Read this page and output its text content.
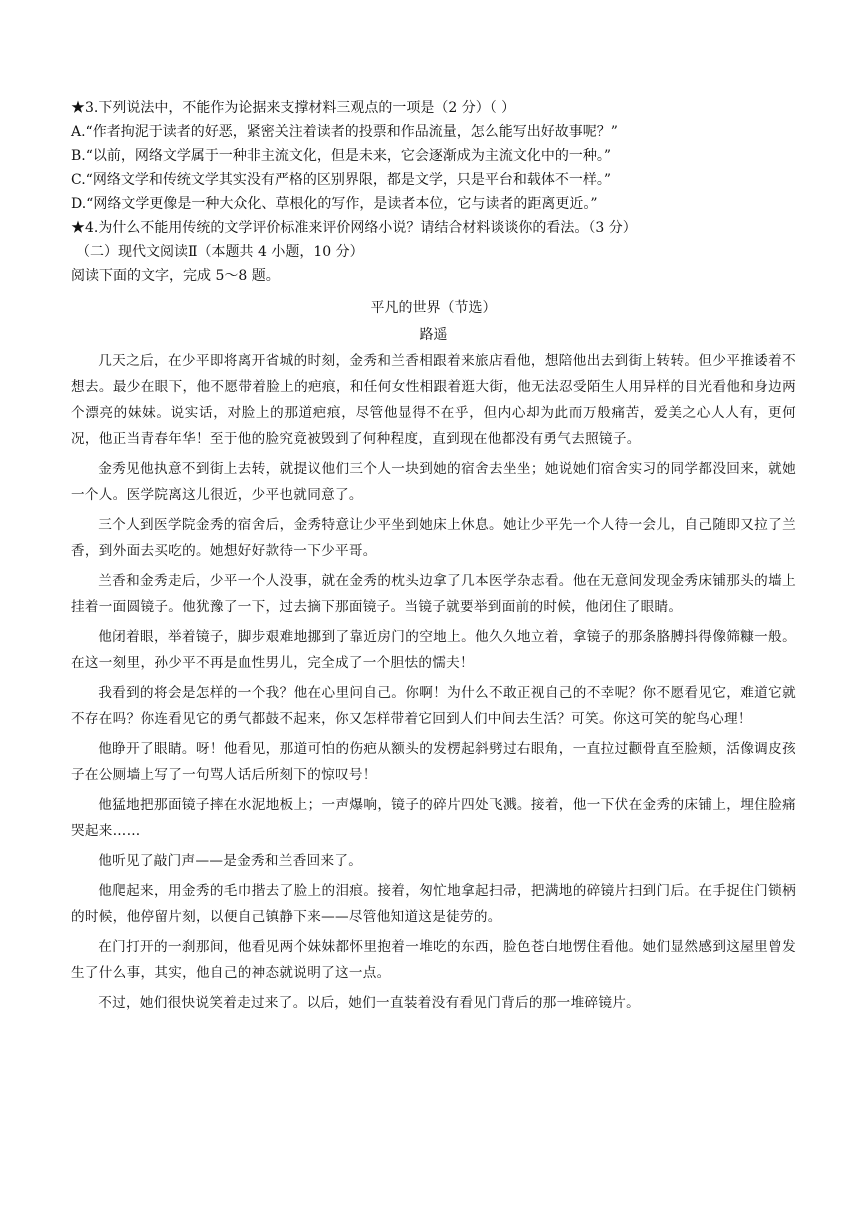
★3.下列说法中，不能作为论据来支撑材料三观点的一项是（2 分）（ ）

A.“作者拘泥于读者的好恶，紧密关注着读者的投票和作品流量，怎么能写出好故事呢？”

B.“以前，网络文学属于一种非主流文化，但是未来，它会逐渐成为主流文化中的一种。”

C.“网络文学和传统文学其实没有严格的区别界限，都是文学，只是平台和载体不一样。”

D.“网络文学更像是一种大众化、草根化的写作，是读者本位，它与读者的距离更近。”

★4.为什么不能用传统的文学评价标准来评价网络小说？请结合材料谈谈你的看法。（3 分）

（二）现代文阅读Ⅱ（本题共 4 小题，10 分）

阅读下面的文字，完成 5～8 题。

平凡的世界（节选）

路遥

几天之后，在少平即将离开省城的时刻，金秀和兰香相跟着来旅店看他，想陪他出去到街上转转。但少平推诿着不想去。最少在眼下，他不愿带着脸上的疤痕，和任何女性相跟着逛大街，他无法忍受陌生人用异样的目光看他和身边两个漂亮的妹妹。说实话，对脸上的那道疤痕，尽管他显得不在乎，但内心却为此而万般痛苦，爱美之心人人有，更何况，他正当青春年华！至于他的脸究竟被毁到了何种程度，直到现在他都没有勇气去照镜子。

金秀见他执意不到街上去转，就提议他们三个人一块到她的宿舍去坐坐；她说她们宿舍实习的同学都没回来，就她一个人。医学院离这儿很近，少平也就同意了。

三个人到医学院金秀的宿舍后，金秀特意让少平坐到她床上休息。她让少平先一个人待一会儿，自己随即又拉了兰香，到外面去买吃的。她想好好款待一下少平哥。

兰香和金秀走后，少平一个人没事，就在金秀的枕头边拿了几本医学杂志看。他在无意间发现金秀床铺那头的墙上挂着一面圆镜子。他犹豫了一下，过去摘下那面镜子。当镜子就要举到面前的时候，他闭住了眼睛。

他闭着眼，举着镜子，脚步艰难地挪到了靠近房门的空地上。他久久地立着，拿镜子的那条胳膊抖得像筛糠一般。在这一刻里，孙少平不再是血性男儿，完全成了一个胆怯的懦夫！

我看到的将会是怎样的一个我？他在心里问自己。你啊！为什么不敢正视自己的不幸呢？你不愿看见它，难道它就不存在吗？你连看见它的勇气都鼓不起来，你又怎样带着它回到人们中间去生活？可笑。你这可笑的鸵鸟心理！

他睁开了眼睛。呀！他看见，那道可怕的伤疤从额头的发楞起斜劈过右眼角，一直拉过颧骨直至脸颊，活像调皮孩子在公厕墙上写了一句骂人话后所刻下的惊叹号！

他猛地把那面镜子摔在水泥地板上；一声爆响，镜子的碎片四处飞溅。接着，他一下伏在金秀的床铺上，埋住脸痛哭起来……

他听见了敲门声——是金秀和兰香回来了。

他爬起来，用金秀的毛巾揩去了脸上的泪痕。接着，匆忙地拿起扫帚，把满地的碎镜片扫到门后。在手捉住门锁柄的时候，他停留片刻，以便自己镇静下来——尽管他知道这是徒劳的。

在门打开的一刹那间，他看见两个妹妹都怀里抱着一堆吃的东西，脸色苍白地愣住看他。她们显然感到这屋里曾发生了什么事，其实，他自己的神态就说明了这一点。

不过，她们很快说笑着走过来了。以后，她们一直装着没有看见门背后的那一堆碎镜片。
